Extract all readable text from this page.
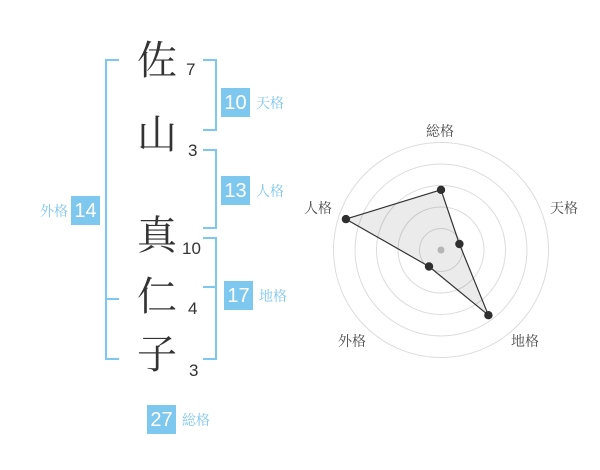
佐
山
真
仁
子
7
3
10
4
3
10 天格
13 人格
17 地格
14
外格
27 総格
総格
天格
地格
外格
人格
